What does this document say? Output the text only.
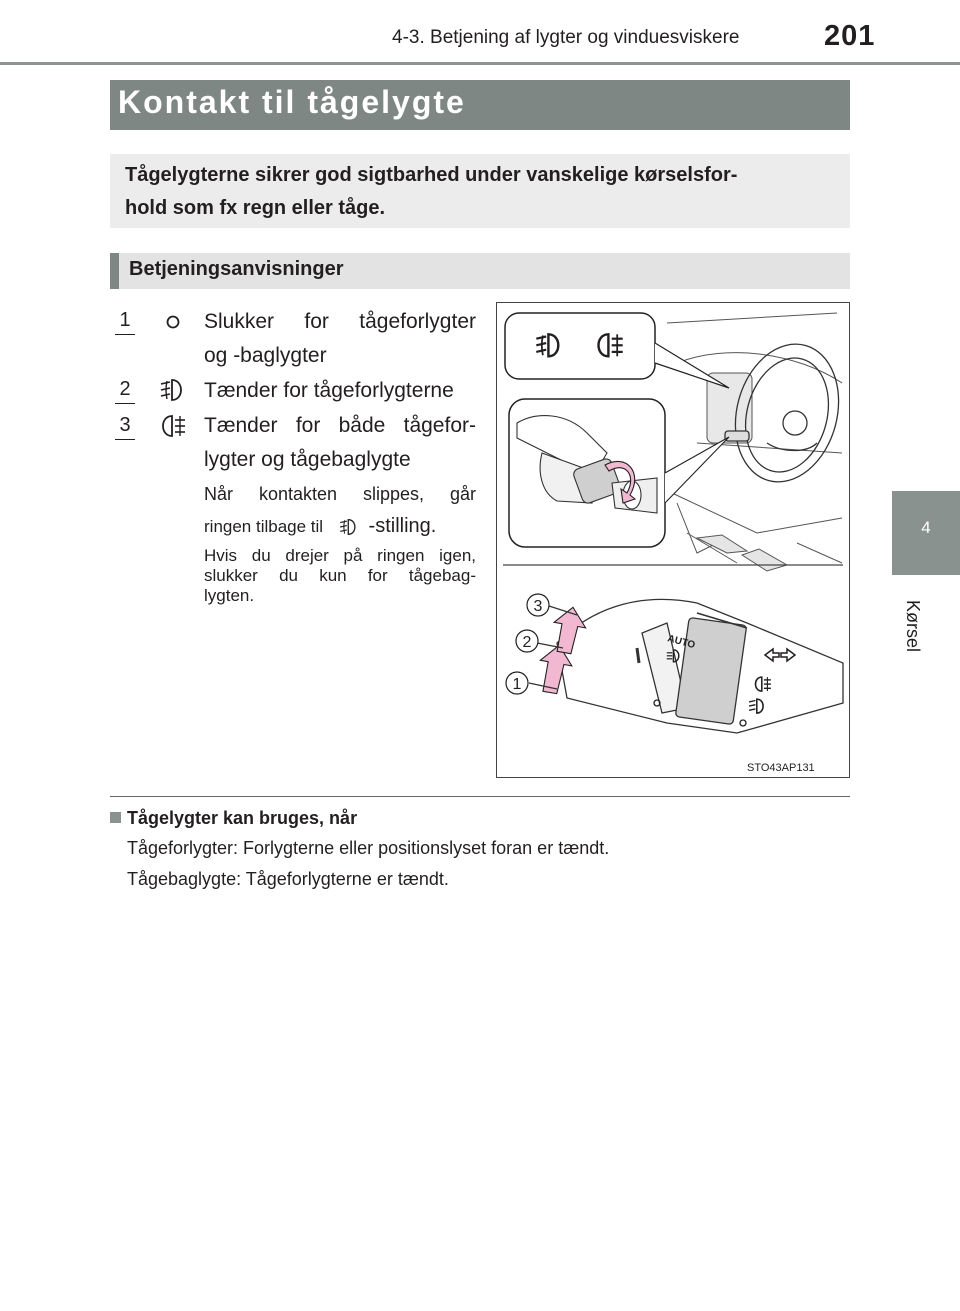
4-3. Betjening af lygter og vinduesviskere	201
4
Kørsel
Kontakt til tågelygte
Tågelygterne sikrer god sigtbarhed under vanskelige kørselsfor-
hold som fx regn eller tåge.
Betjeningsanvisninger
1	Slukker for tågeforlygter
og -baglygter
2	Tænder for tågeforlygterne
3	Tænder for både tågefor-
lygter og tågebaglygte
Når kontakten slippes, går
ringen tilbage til -stilling.
Hvis du drejer på ringen igen,
slukker du kun for tågebag-
lygten.
AUTO
1
2
3
STO43AP131
Tågelygter kan bruges, når
Tågeforlygter: Forlygterne eller positionslyset foran er tændt.
Tågebaglygte: Tågeforlygterne er tændt.
